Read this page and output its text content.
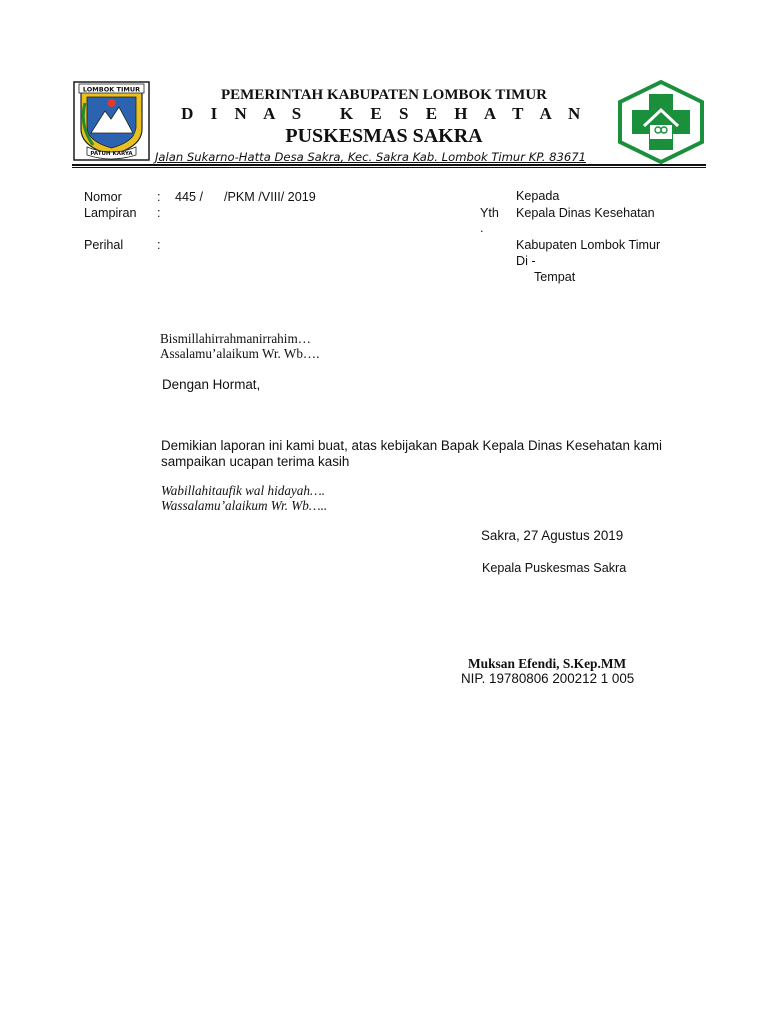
LOMBOK TIMUR
PATUH KARYA
PEMERINTAH KABUPATEN LOMBOK TIMUR
D I N A S   K E S E H A T A N
PUSKESMAS SAKRA
Jalan Sukarno-Hatta Desa Sakra, Kec. Sakra Kab. Lombok Timur KP. 83671
Nomor	: 445 /      /PKM /VIII/ 2019
Lampiran :
Perihal	:
Kepada
Yth
.
Kepala Dinas Kesehatan
Kabupaten Lombok Timur
Di -
Tempat
Bismillahirrahmanirrahim…
Assalamu’alaikum Wr. Wb….
Dengan Hormat,
Demikian laporan ini kami buat, atas kebijakan Bapak Kepala Dinas Kesehatan kami
sampaikan ucapan terima kasih
Wabillahitaufik wal hidayah….
Wassalamu’alaikum Wr. Wb…..
Sakra, 27 Agustus 2019
Kepala Puskesmas Sakra
Muksan Efendi, S.Kep.MM
NIP. 19780806 200212 1 005
